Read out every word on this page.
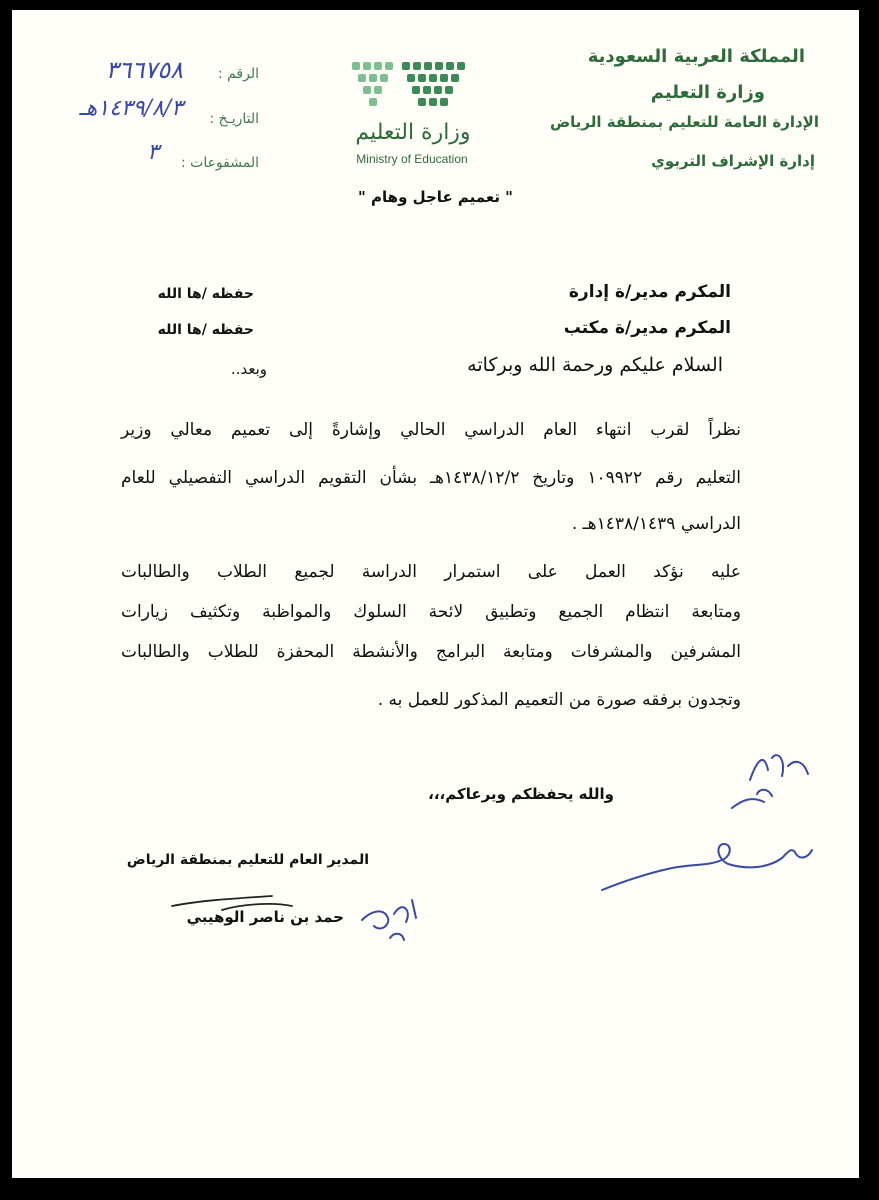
المملكة العربية السعودية
وزارة التعليم
الإدارة العامة للتعليم بمنطقة الرياض
إدارة الإشراف التربوي
وزارة التعليم
Ministry of Education
الرقم :
٣٦٦٧٥٨
التاريـخ :
١٤٣٩/٨/٣هـ
المشفوعات :
٣
" تعميم عاجل وهام "
المكرم مدير/ة إدارة
حفظه /ها الله
المكرم مدير/ة مكتب
حفظه /ها الله
السلام عليكم ورحمة الله وبركاته
وبعد..
نظراً لقرب انتهاء العام الدراسي الحالي وإشارةً إلى تعميم معالي وزير
التعليم رقم ١٠٩٩٢٢ وتاريخ ١٤٣٨/١٢/٢هـ بشأن التقويم الدراسي التفصيلي للعام
الدراسي ١٤٣٨/١٤٣٩هـ .
عليه نؤكد العمل على استمرار الدراسة لجميع الطلاب والطالبات
ومتابعة انتظام الجميع وتطبيق لائحة السلوك والمواظبة وتكثيف زيارات
المشرفين والمشرفات ومتابعة البرامج والأنشطة المحفزة للطلاب والطالبات
وتجدون برفقه صورة من التعميم المذكور للعمل به .
والله يحفظكم ويرعاكم،،،
المدير العام للتعليم بمنطقة الرياض
حمد بن ناصر الوهيبي
